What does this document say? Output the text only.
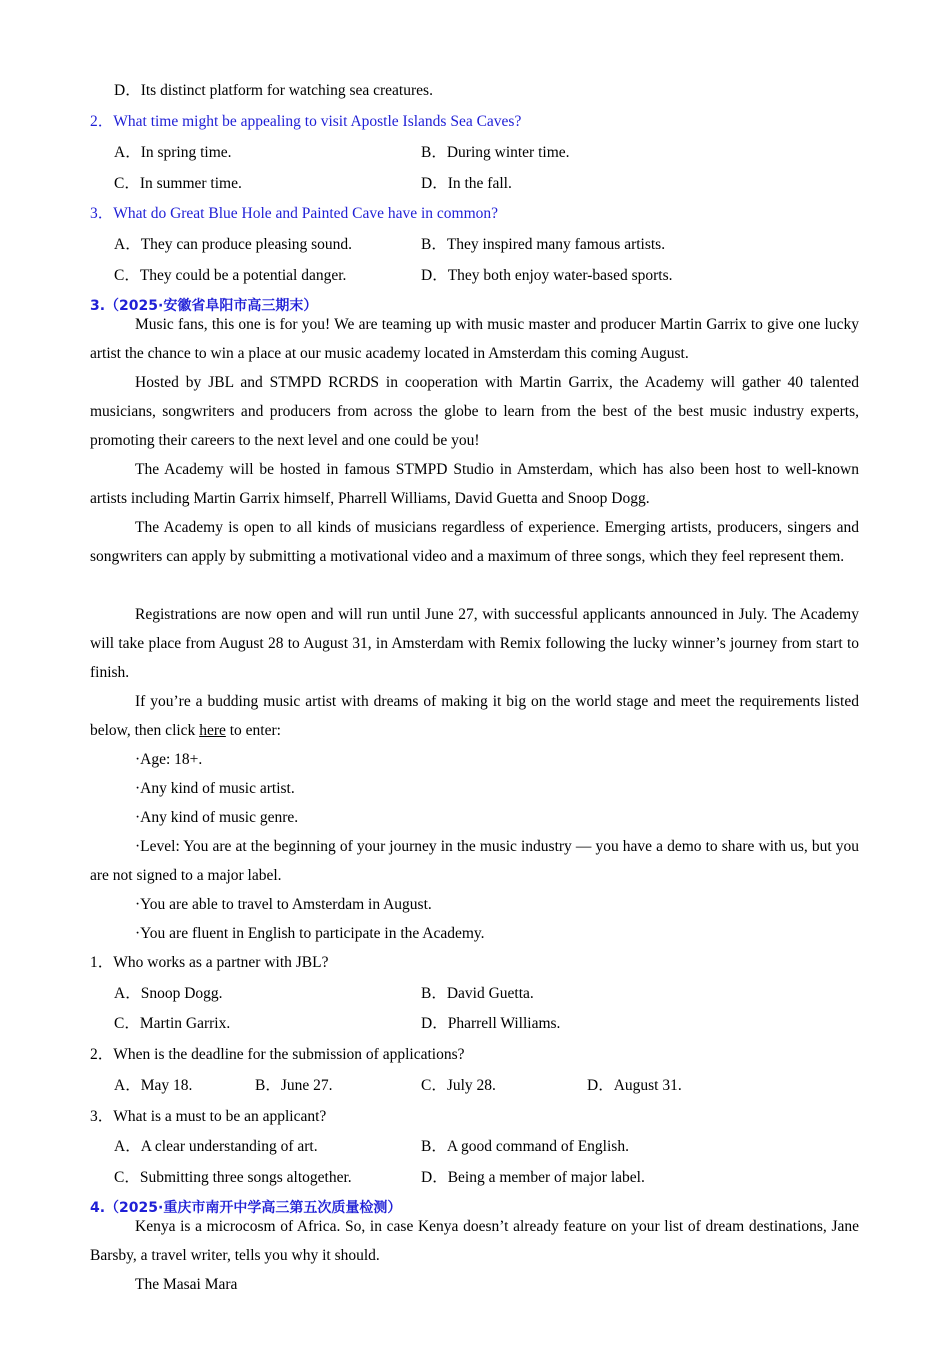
D．Its distinct platform for watching sea creatures.
2．What time might be appealing to visit Apostle Islands Sea Caves?
A．In spring time.	B．During winter time.
C．In summer time.	D．In the fall.
3．What do Great Blue Hole and Painted Cave have in common?
A．They can produce pleasing sound.	B．They inspired many famous artists.
C．They could be a potential danger.	D．They both enjoy water-based sports.
3.（2025·安徽省阜阳市高三期末）
Music fans, this one is for you! We are teaming up with music master and producer Martin Garrix to give one lucky artist the chance to win a place at our music academy located in Amsterdam this coming August.
Hosted by JBL and STMPD RCRDS in cooperation with Martin Garrix, the Academy will gather 40 talented musicians, songwriters and producers from across the globe to learn from the best of the best music industry experts, promoting their careers to the next level and one could be you!
The Academy will be hosted in famous STMPD Studio in Amsterdam, which has also been host to well-known artists including Martin Garrix himself, Pharrell Williams, David Guetta and Snoop Dogg.
The Academy is open to all kinds of musicians regardless of experience. Emerging artists, producers, singers and songwriters can apply by submitting a motivational video and a maximum of three songs, which they feel represent them.
Registrations are now open and will run until June 27, with successful applicants announced in July. The Academy will take place from August 28 to August 31, in Amsterdam with Remix following the lucky winner’s journey from start to finish.
If you’re a budding music artist with dreams of making it big on the world stage and meet the requirements listed below, then click here to enter:
·Age: 18+.
·Any kind of music artist.
·Any kind of music genre.
·Level: You are at the beginning of your journey in the music industry — you have a demo to share with us, but you are not signed to a major label.
·You are able to travel to Amsterdam in August.
·You are fluent in English to participate in the Academy.
1．Who works as a partner with JBL?
A．Snoop Dogg.	B．David Guetta.
C．Martin Garrix.	D．Pharrell Williams.
2．When is the deadline for the submission of applications?
A．May 18.	B．June 27.	C．July 28.	D．August 31.
3．What is a must to be an applicant?
A．A clear understanding of art.	B．A good command of English.
C．Submitting three songs altogether.	D．Being a member of major label.
4.（2025·重庆市南开中学高三第五次质量检测）
Kenya is a microcosm of Africa. So, in case Kenya doesn’t already feature on your list of dream destinations, Jane Barsby, a travel writer, tells you why it should.
The Masai Mara
